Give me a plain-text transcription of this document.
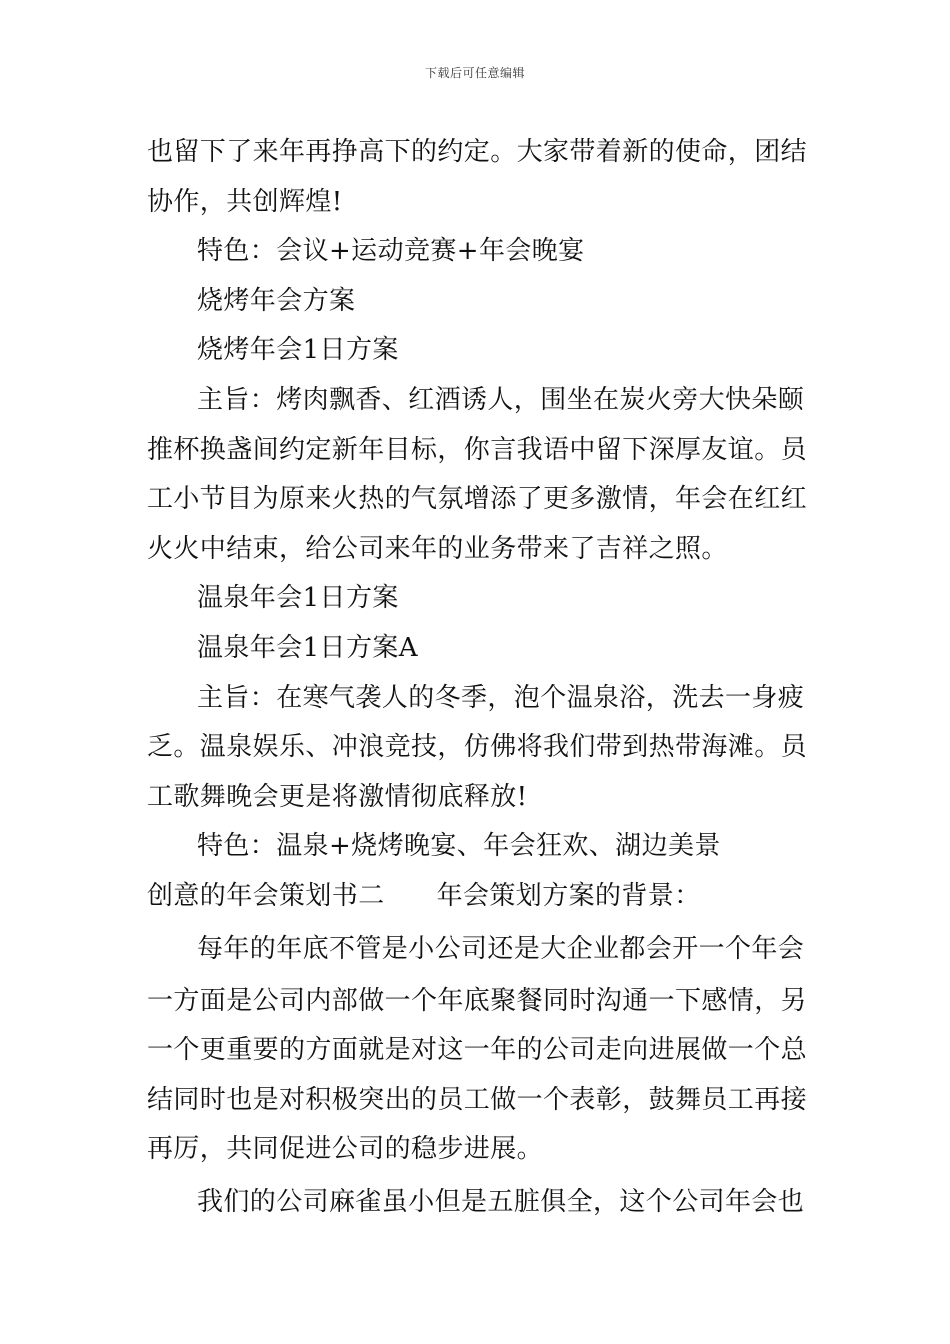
下载后可任意编辑
也留下了来年再挣高下的约定。大家带着新的使命，团结
协作，共创辉煌!
特色：会议+运动竞赛+年会晚宴
烧烤年会方案
烧烤年会1日方案
主旨：烤肉飘香、红酒诱人，围坐在炭火旁大快朵颐
推杯换盏间约定新年目标，你言我语中留下深厚友谊。员
工小节目为原来火热的气氛增添了更多激情，年会在红红
火火中结束，给公司来年的业务带来了吉祥之照。
温泉年会1日方案
温泉年会1日方案A
主旨：在寒气袭人的冬季，泡个温泉浴，洗去一身疲
乏。温泉娱乐、冲浪竞技，仿佛将我们带到热带海滩。员
工歌舞晚会更是将激情彻底释放!
特色：温泉+烧烤晚宴、年会狂欢、湖边美景
创意的年会策划书二 年会策划方案的背景：
每年的年底不管是小公司还是大企业都会开一个年会
一方面是公司内部做一个年底聚餐同时沟通一下感情，另
一个更重要的方面就是对这一年的公司走向进展做一个总
结同时也是对积极突出的员工做一个表彰，鼓舞员工再接
再厉，共同促进公司的稳步进展。
我们的公司麻雀虽小但是五脏俱全，这个公司年会也
